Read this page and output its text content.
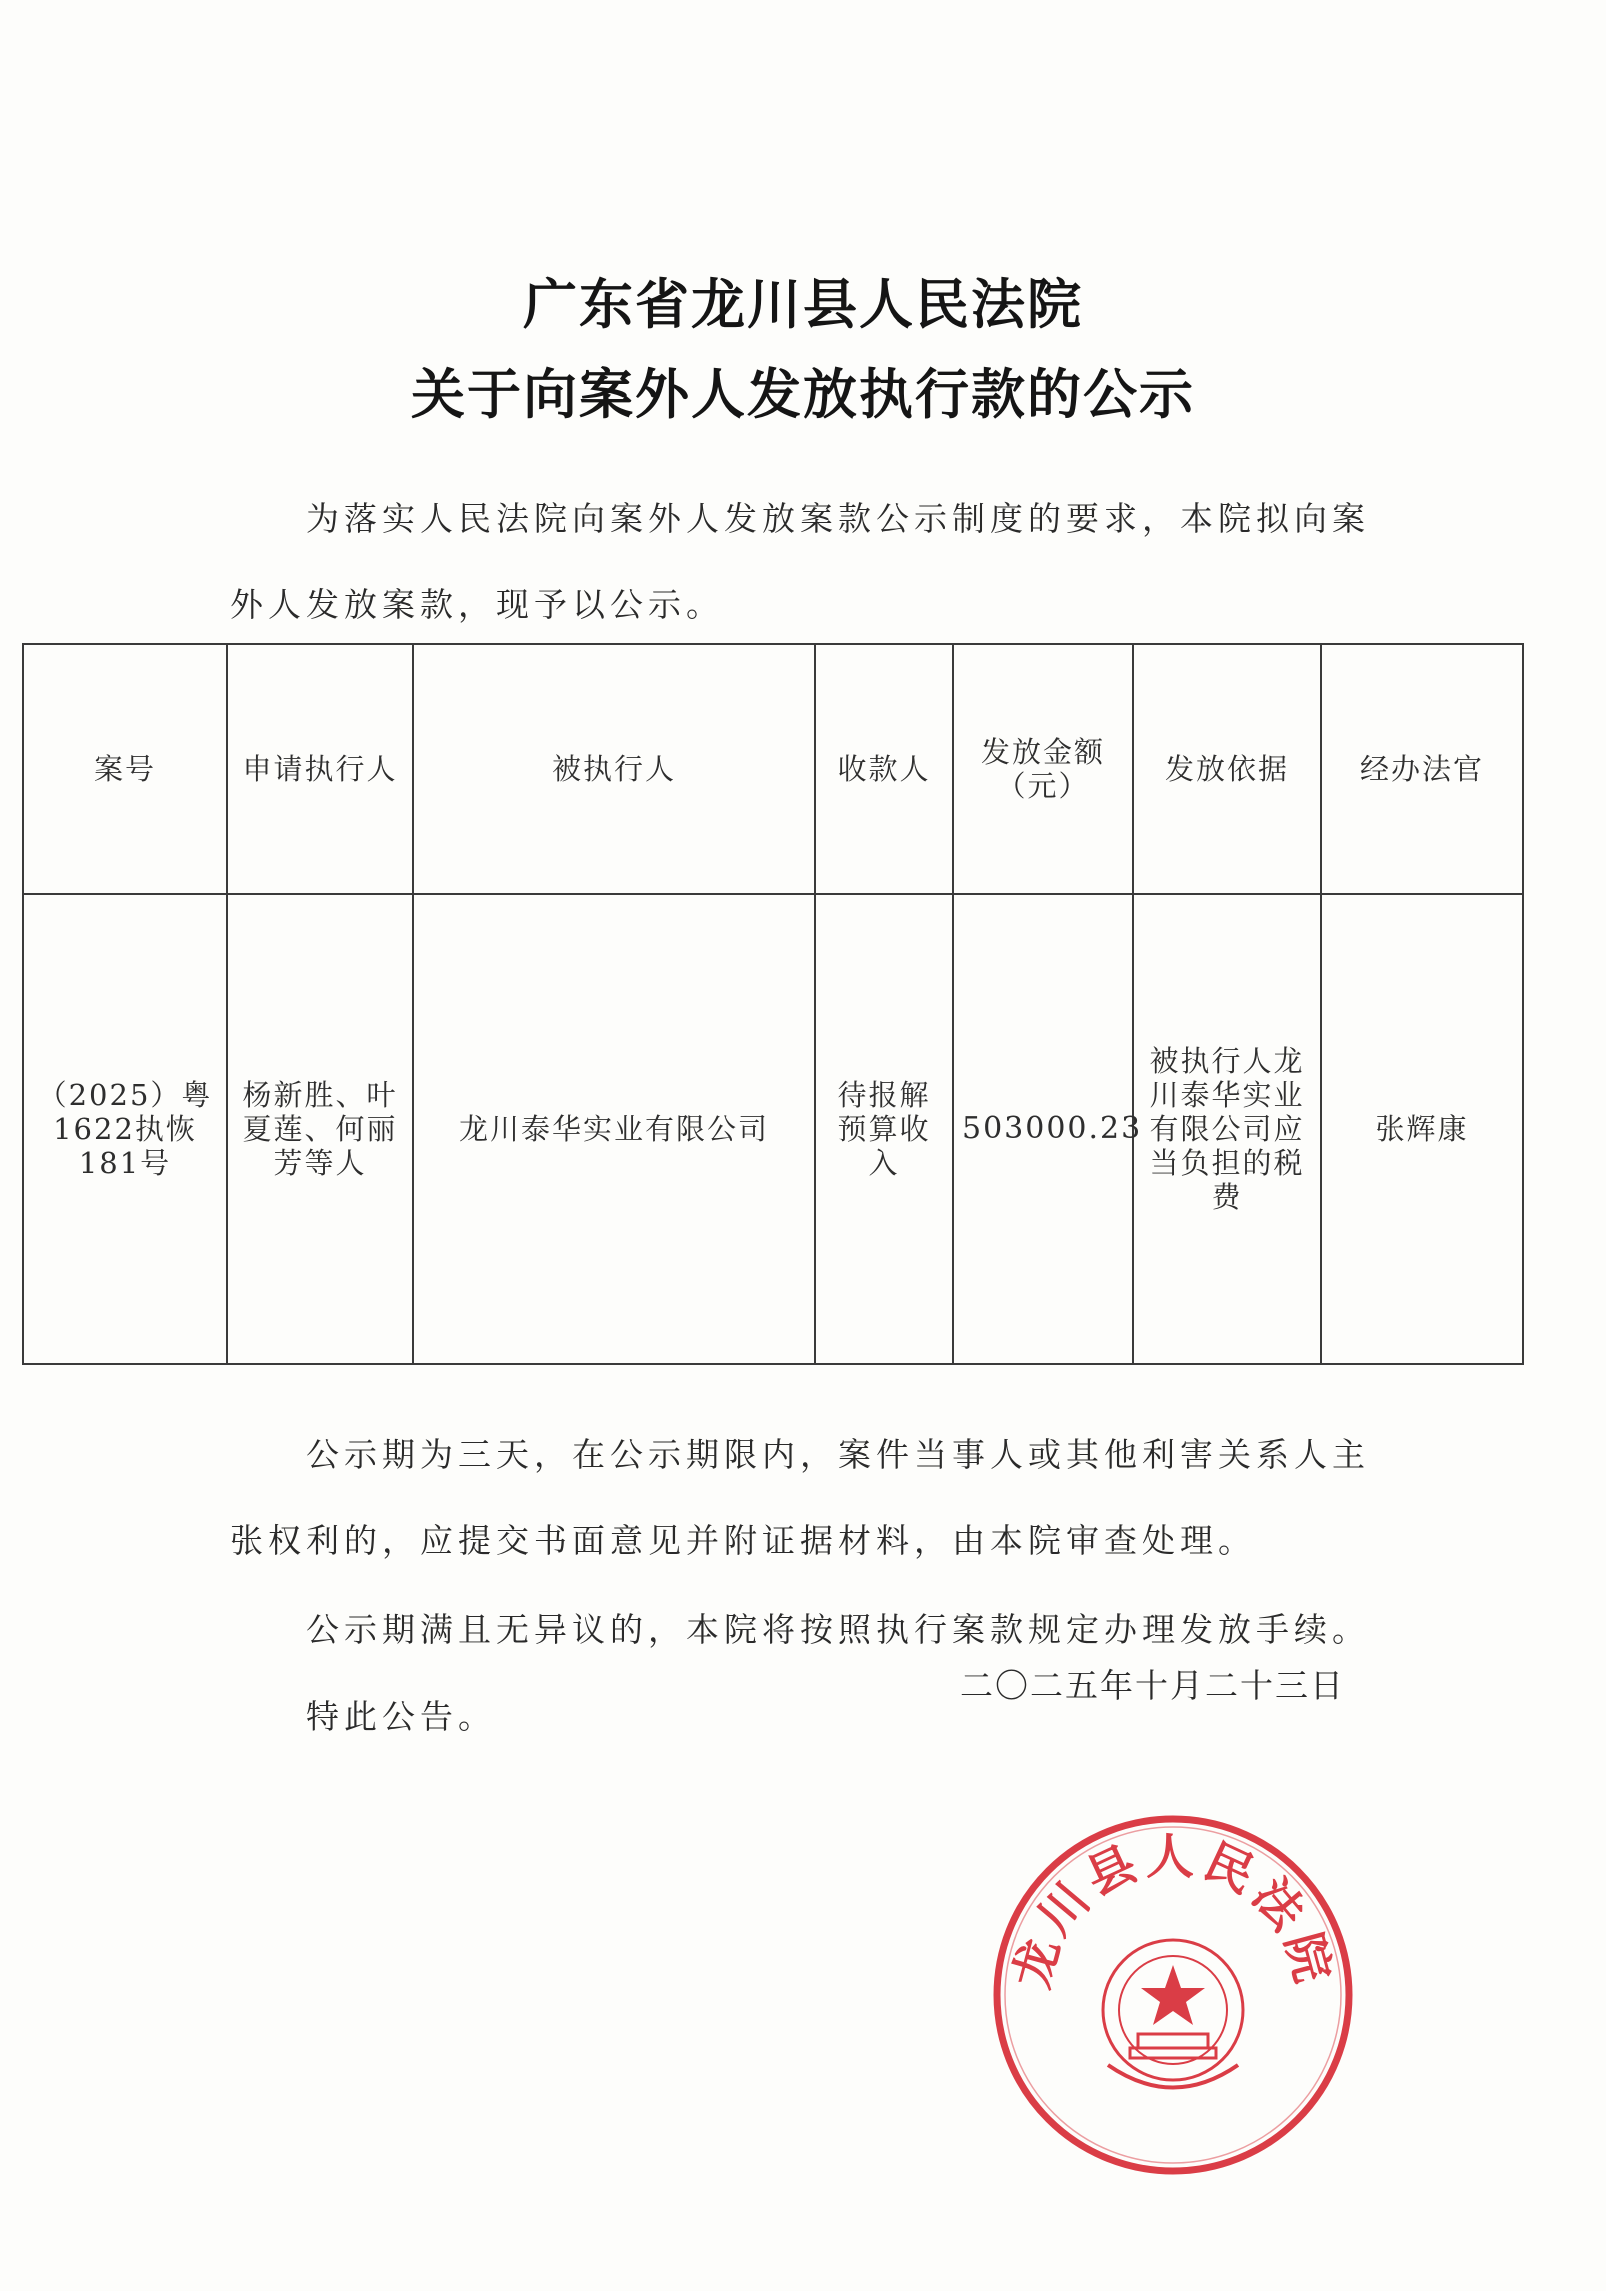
广东省龙川县人民法院
关于向案外人发放执行款的公示

为落实人民法院向案外人发放案款公示制度的要求，本院拟向案外人发放案款，现予以公示。

案号	申请执行人	被执行人	收款人	发放金额（元）	发放依据	经办法官
（2025）粤1622执恢181号	杨新胜、叶夏莲、何丽芳等人	龙川泰华实业有限公司	待报解预算收入	503000.23	被执行人龙川泰华实业有限公司应当负担的税费	张辉康

公示期为三天，在公示期限内，案件当事人或其他利害关系人主张权利的，应提交书面意见并附证据材料，由本院审查处理。

公示期满且无异议的，本院将按照执行案款规定办理发放手续。

特此公告。

二〇二五年十月二十三日
龙川县人民法院
